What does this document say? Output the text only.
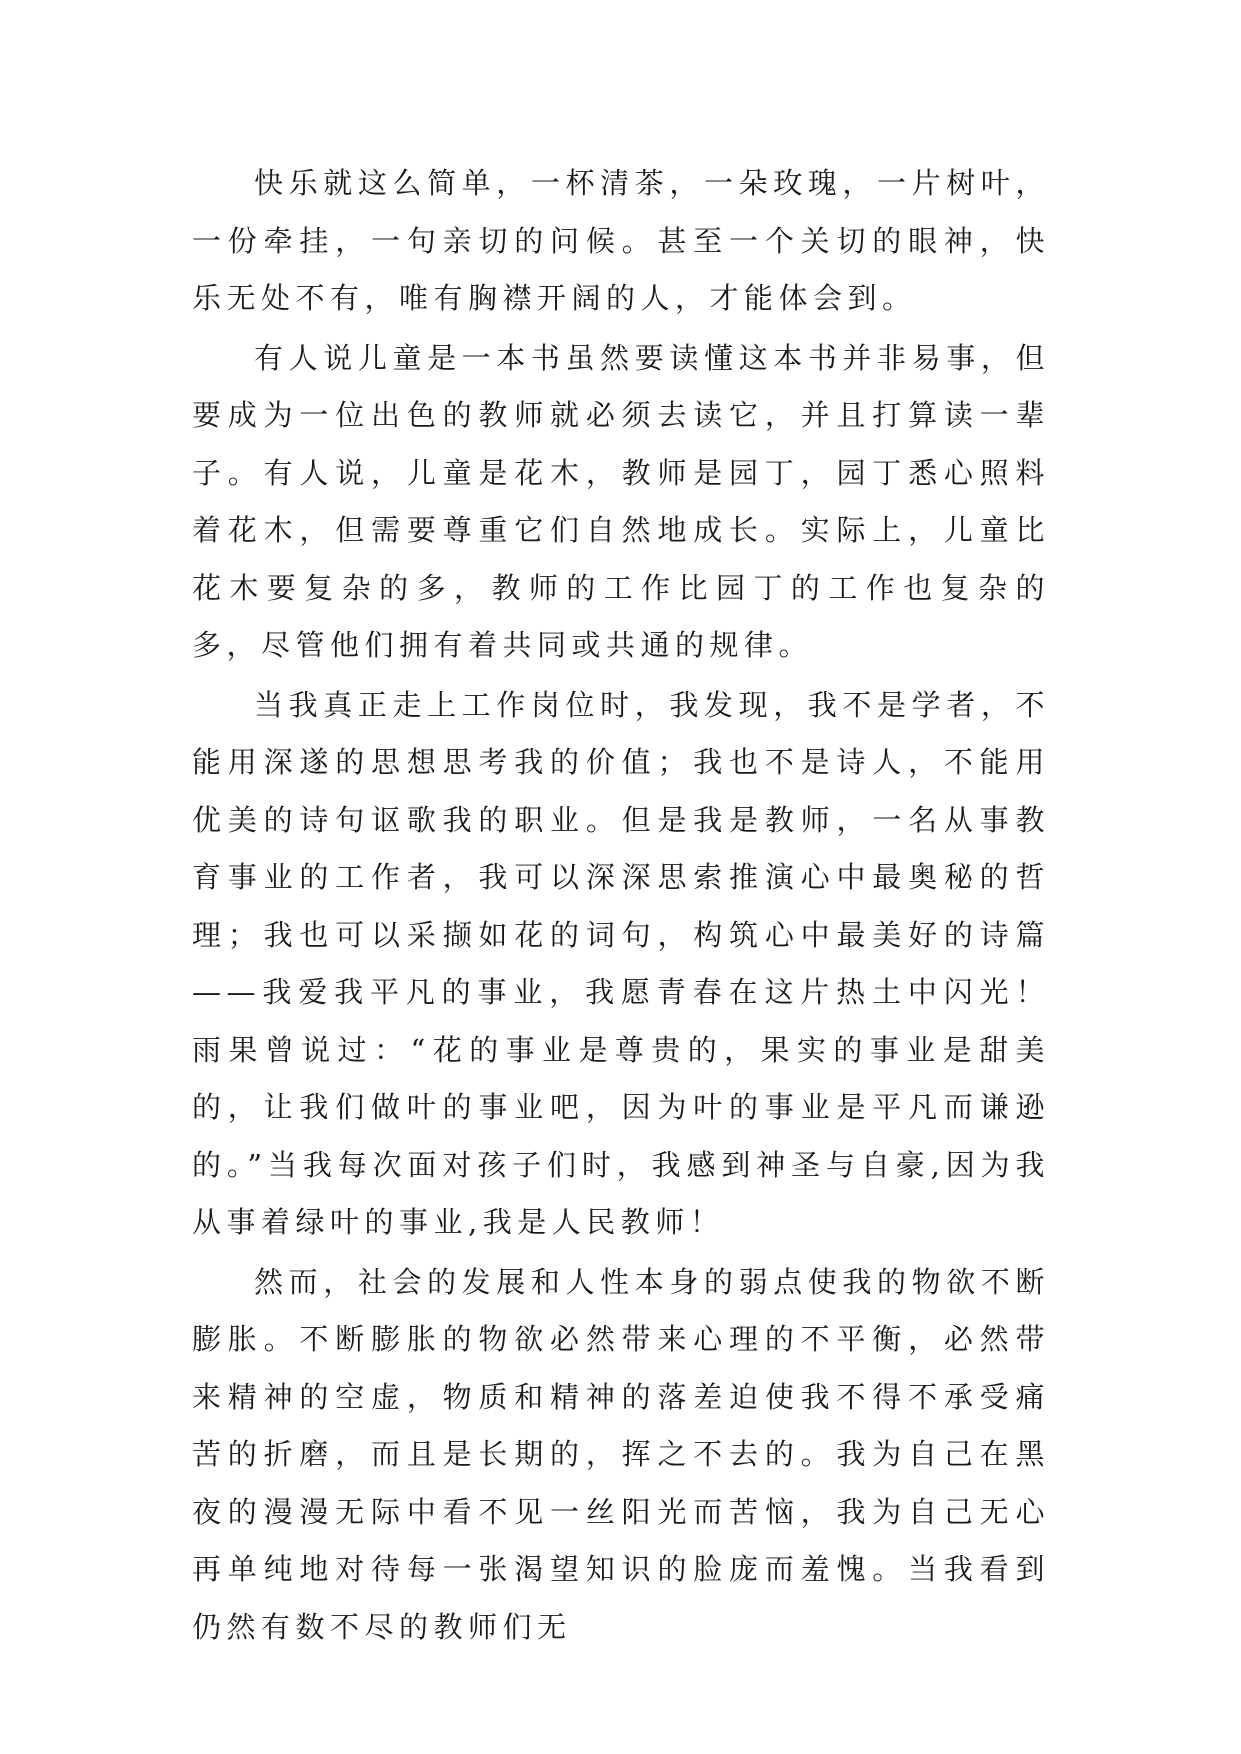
快乐就这么简单，一杯清茶，一朵玫瑰，一片树叶，一份牵挂，一句亲切的问候。甚至一个关切的眼神，快乐无处不有，唯有胸襟开阔的人，才能体会到。

有人说儿童是一本书虽然要读懂这本书并非易事，但要成为一位出色的教师就必须去读它，并且打算读一辈子。有人说，儿童是花木，教师是园丁，园丁悉心照料着花木，但需要尊重它们自然地成长。实际上，儿童比花木要复杂的多，教师的工作比园丁的工作也复杂的多，尽管他们拥有着共同或共通的规律。

当我真正走上工作岗位时，我发现，我不是学者，不能用深遂的思想思考我的价值；我也不是诗人，不能用优美的诗句讴歌我的职业。但是我是教师，一名从事教育事业的工作者，我可以深深思索推演心中最奥秘的哲理；我也可以采撷如花的词句，构筑心中最美好的诗篇——我爱我平凡的事业，我愿青春在这片热土中闪光！雨果曾说过：“花的事业是尊贵的，果实的事业是甜美的，让我们做叶的事业吧，因为叶的事业是平凡而谦逊的。”当我每次面对孩子们时，我感到神圣与自豪,因为我从事着绿叶的事业,我是人民教师！

然而，社会的发展和人性本身的弱点使我的物欲不断膨胀。不断膨胀的物欲必然带来心理的不平衡，必然带来精神的空虚，物质和精神的落差迫使我不得不承受痛苦的折磨，而且是长期的，挥之不去的。我为自己在黑夜的漫漫无际中看不见一丝阳光而苦恼，我为自己无心再单纯地对待每一张渴望知识的脸庞而羞愧。当我看到仍然有数不尽的教师们无
